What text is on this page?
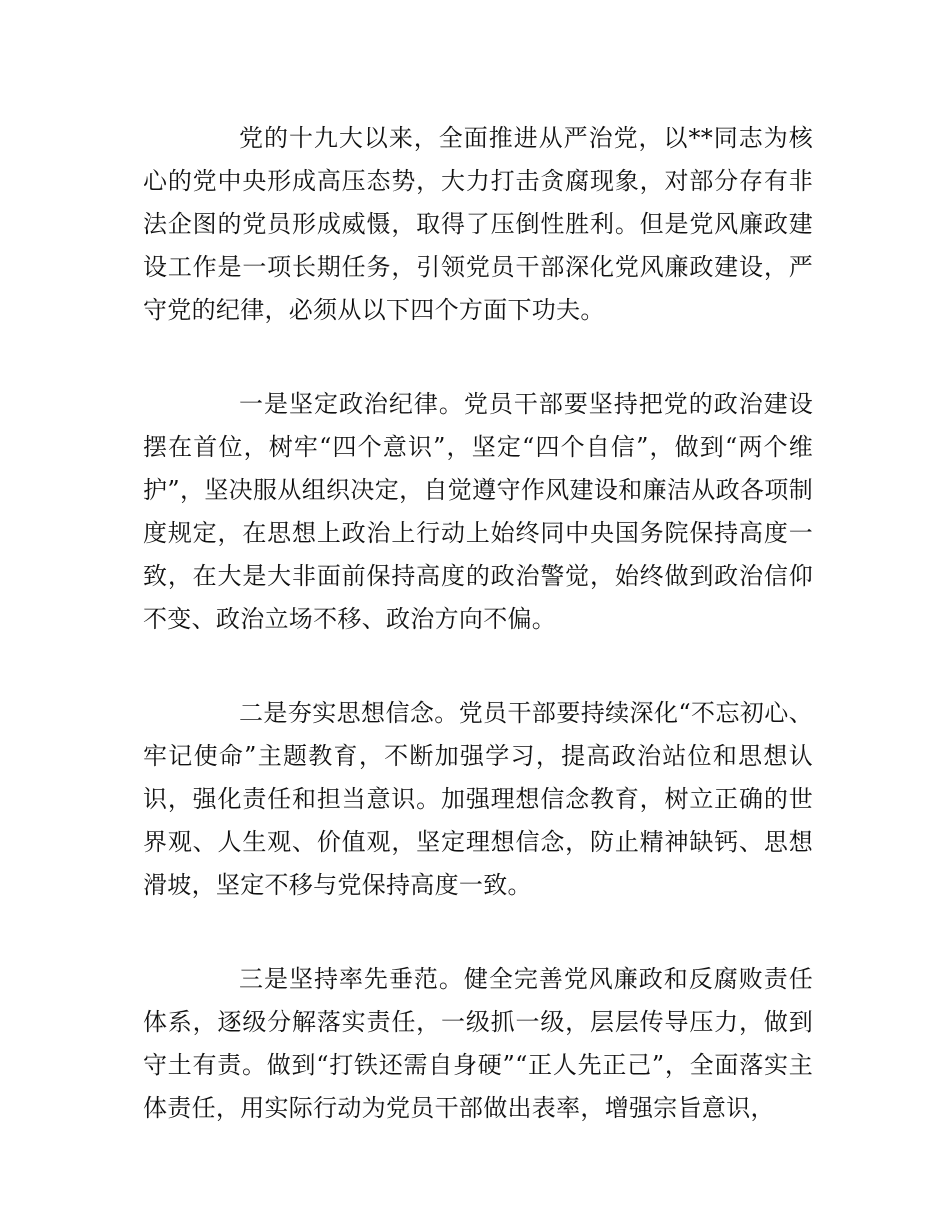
党的十九大以来，全面推进从严治党，以**同志为核心的党中央形成高压态势，大力打击贪腐现象，对部分存有非法企图的党员形成威慑，取得了压倒性胜利。但是党风廉政建设工作是一项长期任务，引领党员干部深化党风廉政建设，严守党的纪律，必须从以下四个方面下功夫。

一是坚定政治纪律。党员干部要坚持把党的政治建设摆在首位，树牢“四个意识”，坚定“四个自信”，做到“两个维护”，坚决服从组织决定，自觉遵守作风建设和廉洁从政各项制度规定，在思想上政治上行动上始终同中央国务院保持高度一致，在大是大非面前保持高度的政治警觉，始终做到政治信仰不变、政治立场不移、政治方向不偏。

二是夯实思想信念。党员干部要持续深化“不忘初心、牢记使命”主题教育，不断加强学习，提高政治站位和思想认识，强化责任和担当意识。加强理想信念教育，树立正确的世界观、人生观、价值观，坚定理想信念，防止精神缺钙、思想滑坡，坚定不移与党保持高度一致。

三是坚持率先垂范。健全完善党风廉政和反腐败责任体系，逐级分解落实责任，一级抓一级，层层传导压力，做到守土有责。做到“打铁还需自身硬”“正人先正己”，全面落实主体责任，用实际行动为党员干部做出表率，增强宗旨意识，
